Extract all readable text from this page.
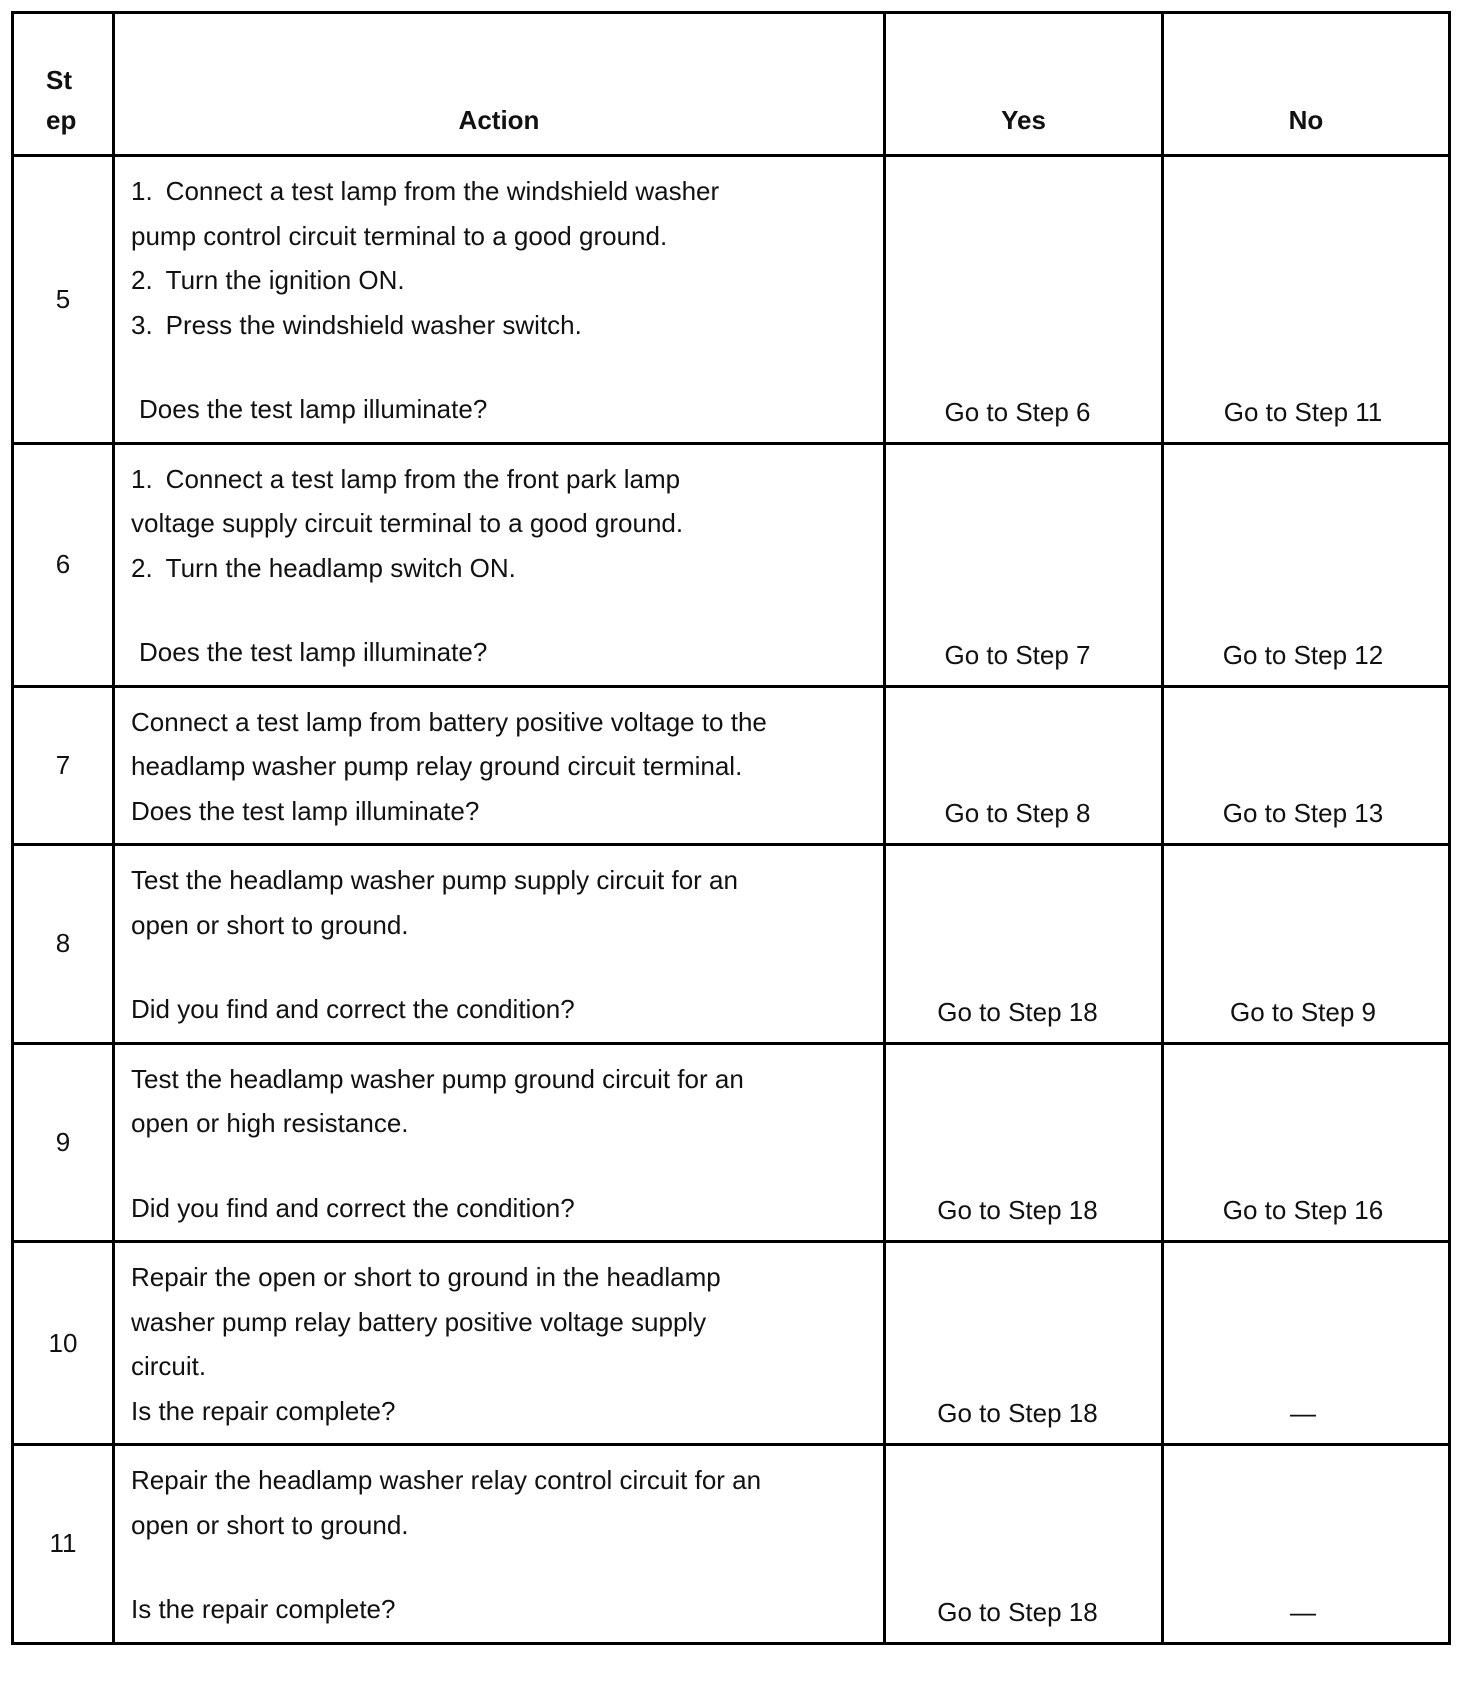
Step	Action	Yes	No

5	1. Connect a test lamp from the windshield washer
pump control circuit terminal to a good ground.
2. Turn the ignition ON.
3. Press the windshield washer switch.
Does the test lamp illuminate?	Go to Step 6	Go to Step 11
6	1. Connect a test lamp from the front park lamp
voltage supply circuit terminal to a good ground.
2. Turn the headlamp switch ON.
Does the test lamp illuminate?	Go to Step 7	Go to Step 12
7	Connect a test lamp from battery positive voltage to the
headlamp washer pump relay ground circuit terminal.
Does the test lamp illuminate?	Go to Step 8	Go to Step 13
8	Test the headlamp washer pump supply circuit for an
open or short to ground.
Did you find and correct the condition?	Go to Step 18	Go to Step 9
9	Test the headlamp washer pump ground circuit for an
open or high resistance.
Did you find and correct the condition?	Go to Step 18	Go to Step 16
10	Repair the open or short to ground in the headlamp
washer pump relay battery positive voltage supply
circuit.
Is the repair complete?	Go to Step 18	—
11	Repair the headlamp washer relay control circuit for an
open or short to ground.
Is the repair complete?	Go to Step 18	—
